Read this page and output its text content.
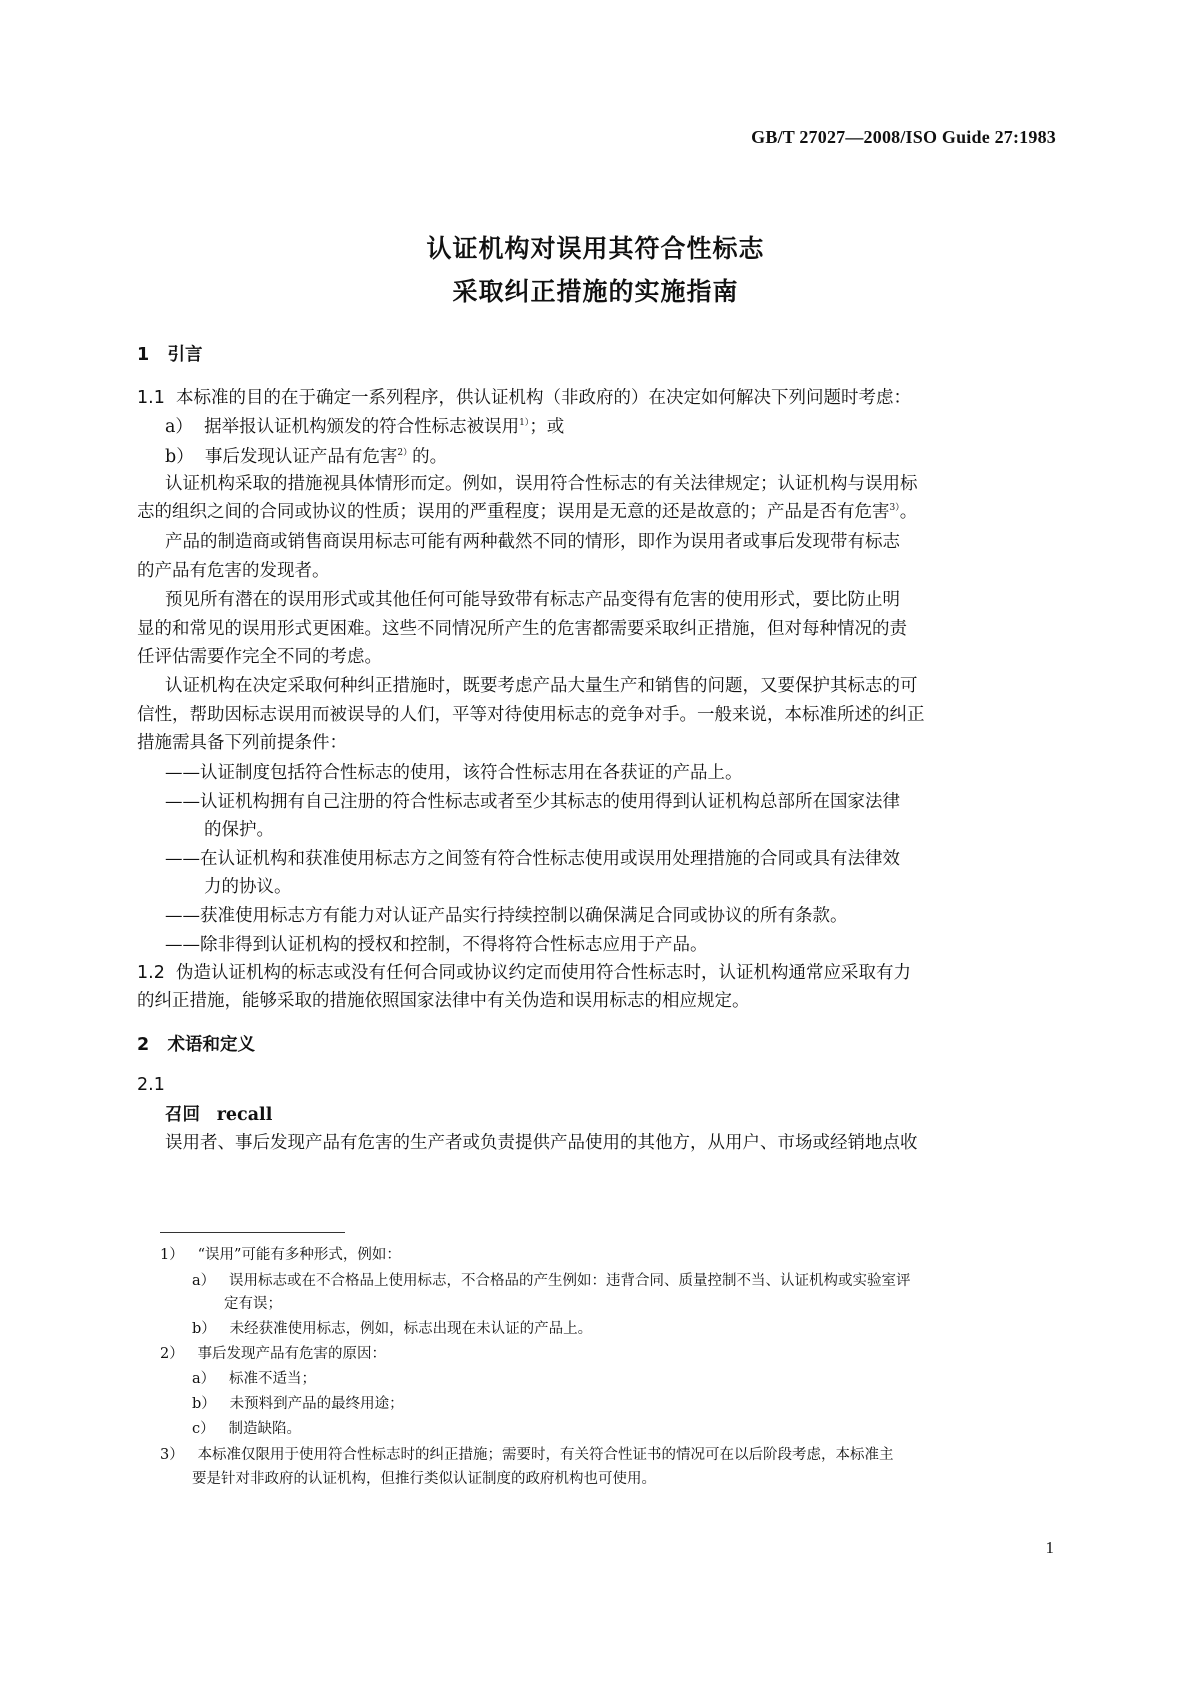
GB/T 27027—2008/ISO Guide 27:1983
认证机构对误用其符合性标志
采取纠正措施的实施指南
1 引言
1.1 本标准的目的在于确定一系列程序，供认证机构（非政府的）在决定如何解决下列问题时考虑：
a） 据举报认证机构颁发的符合性标志被误用$^{1)}$；或
b） 事后发现认证产品有危害$^{2)}$的。
认证机构采取的措施视具体情形而定。例如，误用符合性标志的有关法律规定；认证机构与误用标
志的组织之间的合同或协议的性质；误用的严重程度；误用是无意的还是故意的；产品是否有危害$^{3)}$。
产品的制造商或销售商误用标志可能有两种截然不同的情形，即作为误用者或事后发现带有标志
的产品有危害的发现者。
预见所有潜在的误用形式或其他任何可能导致带有标志产品变得有危害的使用形式，要比防止明
显的和常见的误用形式更困难。这些不同情况所产生的危害都需要采取纠正措施，但对每种情况的责
任评估需要作完全不同的考虑。
认证机构在决定采取何种纠正措施时，既要考虑产品大量生产和销售的问题，又要保护其标志的可
信性，帮助因标志误用而被误导的人们，平等对待使用标志的竞争对手。一般来说，本标准所述的纠正
措施需具备下列前提条件：
——认证制度包括符合性标志的使用，该符合性标志用在各获证的产品上。
——认证机构拥有自己注册的符合性标志或者至少其标志的使用得到认证机构总部所在国家法律
的保护。
——在认证机构和获准使用标志方之间签有符合性标志使用或误用处理措施的合同或具有法律效
力的协议。
——获准使用标志方有能力对认证产品实行持续控制以确保满足合同或协议的所有条款。
——除非得到认证机构的授权和控制，不得将符合性标志应用于产品。
1.2 伪造认证机构的标志或没有任何合同或协议约定而使用符合性标志时，认证机构通常应采取有力
的纠正措施，能够采取的措施依照国家法律中有关伪造和误用标志的相应规定。
2 术语和定义
2.1
召回 recall
误用者、事后发现产品有危害的生产者或负责提供产品使用的其他方，从用户、市场或经销地点收
1） “误用”可能有多种形式，例如：
a） 误用标志或在不合格品上使用标志，不合格品的产生例如：违背合同、质量控制不当、认证机构或实验室评
定有误；
b） 未经获准使用标志，例如，标志出现在未认证的产品上。
2） 事后发现产品有危害的原因：
a） 标准不适当；
b） 未预料到产品的最终用途；
c） 制造缺陷。
3） 本标准仅限用于使用符合性标志时的纠正措施；需要时，有关符合性证书的情况可在以后阶段考虑，本标准主
要是针对非政府的认证机构，但推行类似认证制度的政府机构也可使用。
1
